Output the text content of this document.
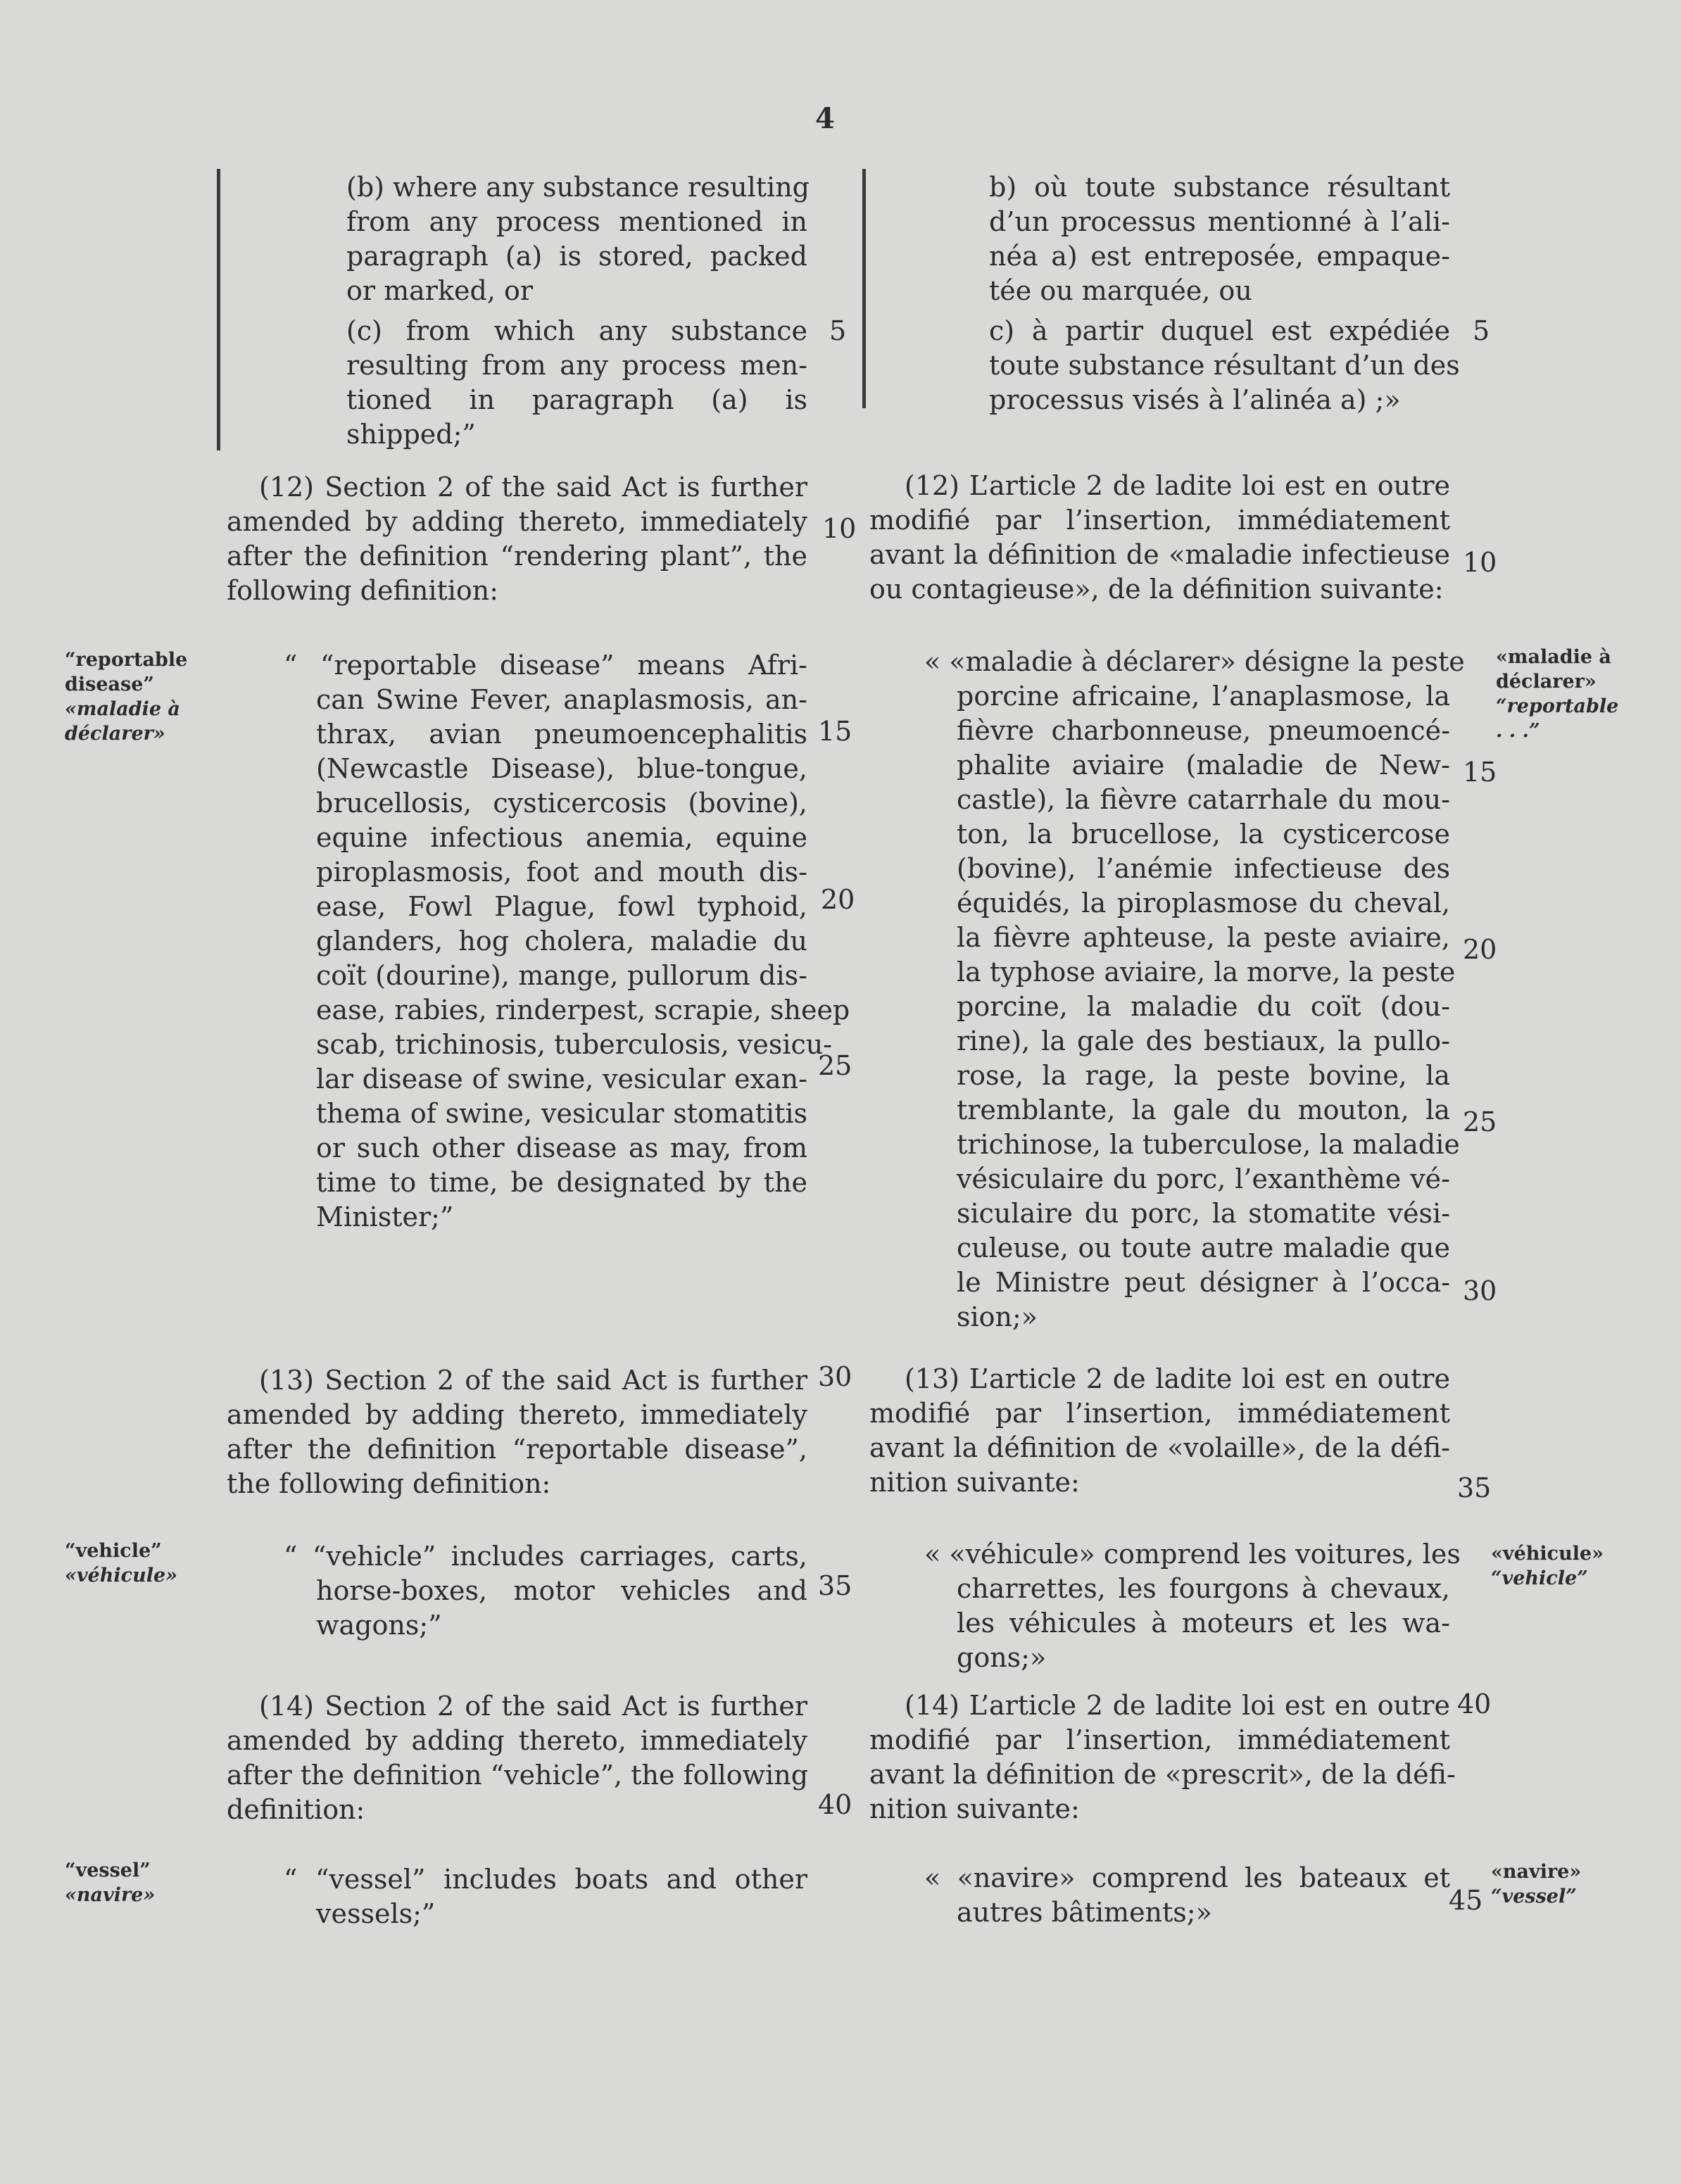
4
(b) where any substance resulting
from any process mentioned in
paragraph (a) is stored, packed
or marked, or
(c) from which any substance
resulting from any process men-
tioned in paragraph (a) is
shipped;”
(12) Section 2 of the said Act is further
amended by adding thereto, immediately
after the definition “rendering plant”, the
following definition:
“ “reportable disease” means Afri-
can Swine Fever, anaplasmosis, an-
thrax, avian pneumoencephalitis
(Newcastle Disease), blue-tongue,
brucellosis, cysticercosis (bovine),
equine infectious anemia, equine
piroplasmosis, foot and mouth dis-
ease, Fowl Plague, fowl typhoid,
glanders, hog cholera, maladie du
coït (dourine), mange, pullorum dis-
ease, rabies, rinderpest, scrapie, sheep
scab, trichinosis, tuberculosis, vesicu-
lar disease of swine, vesicular exan-
thema of swine, vesicular stomatitis
or such other disease as may, from
time to time, be designated by the
Minister;”
(13) Section 2 of the said Act is further
amended by adding thereto, immediately
after the definition “reportable disease”,
the following definition:
“ “vehicle” includes carriages, carts,
horse-boxes, motor vehicles and
wagons;”
(14) Section 2 of the said Act is further
amended by adding thereto, immediately
after the definition “vehicle”, the following
definition:
“ “vessel” includes boats and other
vessels;”
5
10
15
20
25
30
35
40
b) où toute substance résultant
d’un processus mentionné à l’ali-
néa a) est entreposée, empaque-
tée ou marquée, ou
c) à partir duquel est expédiée
toute substance résultant d’un des
processus visés à l’alinéa a) ;»
(12) L’article 2 de ladite loi est en outre
modifié par l’insertion, immédiatement
avant la définition de «maladie infectieuse
ou contagieuse», de la définition suivante:
« «maladie à déclarer» désigne la peste
porcine africaine, l’anaplasmose, la
fièvre charbonneuse, pneumoencé-
phalite aviaire (maladie de New-
castle), la fièvre catarrhale du mou-
ton, la brucellose, la cysticercose
(bovine), l’anémie infectieuse des
équidés, la piroplasmose du cheval,
la fièvre aphteuse, la peste aviaire,
la typhose aviaire, la morve, la peste
porcine, la maladie du coït (dou-
rine), la gale des bestiaux, la pullo-
rose, la rage, la peste bovine, la
tremblante, la gale du mouton, la
trichinose, la tuberculose, la maladie
vésiculaire du porc, l’exanthème vé-
siculaire du porc, la stomatite vési-
culeuse, ou toute autre maladie que
le Ministre peut désigner à l’occa-
sion;»
(13) L’article 2 de ladite loi est en outre
modifié par l’insertion, immédiatement
avant la définition de «volaille», de la défi-
nition suivante:
« «véhicule» comprend les voitures, les
charrettes, les fourgons à chevaux,
les véhicules à moteurs et les wa-
gons;»
(14) L’article 2 de ladite loi est en outre
modifié par l’insertion, immédiatement
avant la définition de «prescrit», de la défi-
nition suivante:
« «navire» comprend les bateaux et
autres bâtiments;»
5
10
15
20
25
30
35
40
45
“reportable disease”
«maladie à déclarer»
“vehicle”
«véhicule»
“vessel”
«navire»
«maladie à déclarer»
“reportable . . .”
«véhicule»
“vehicle”
«navire»
“vessel”
